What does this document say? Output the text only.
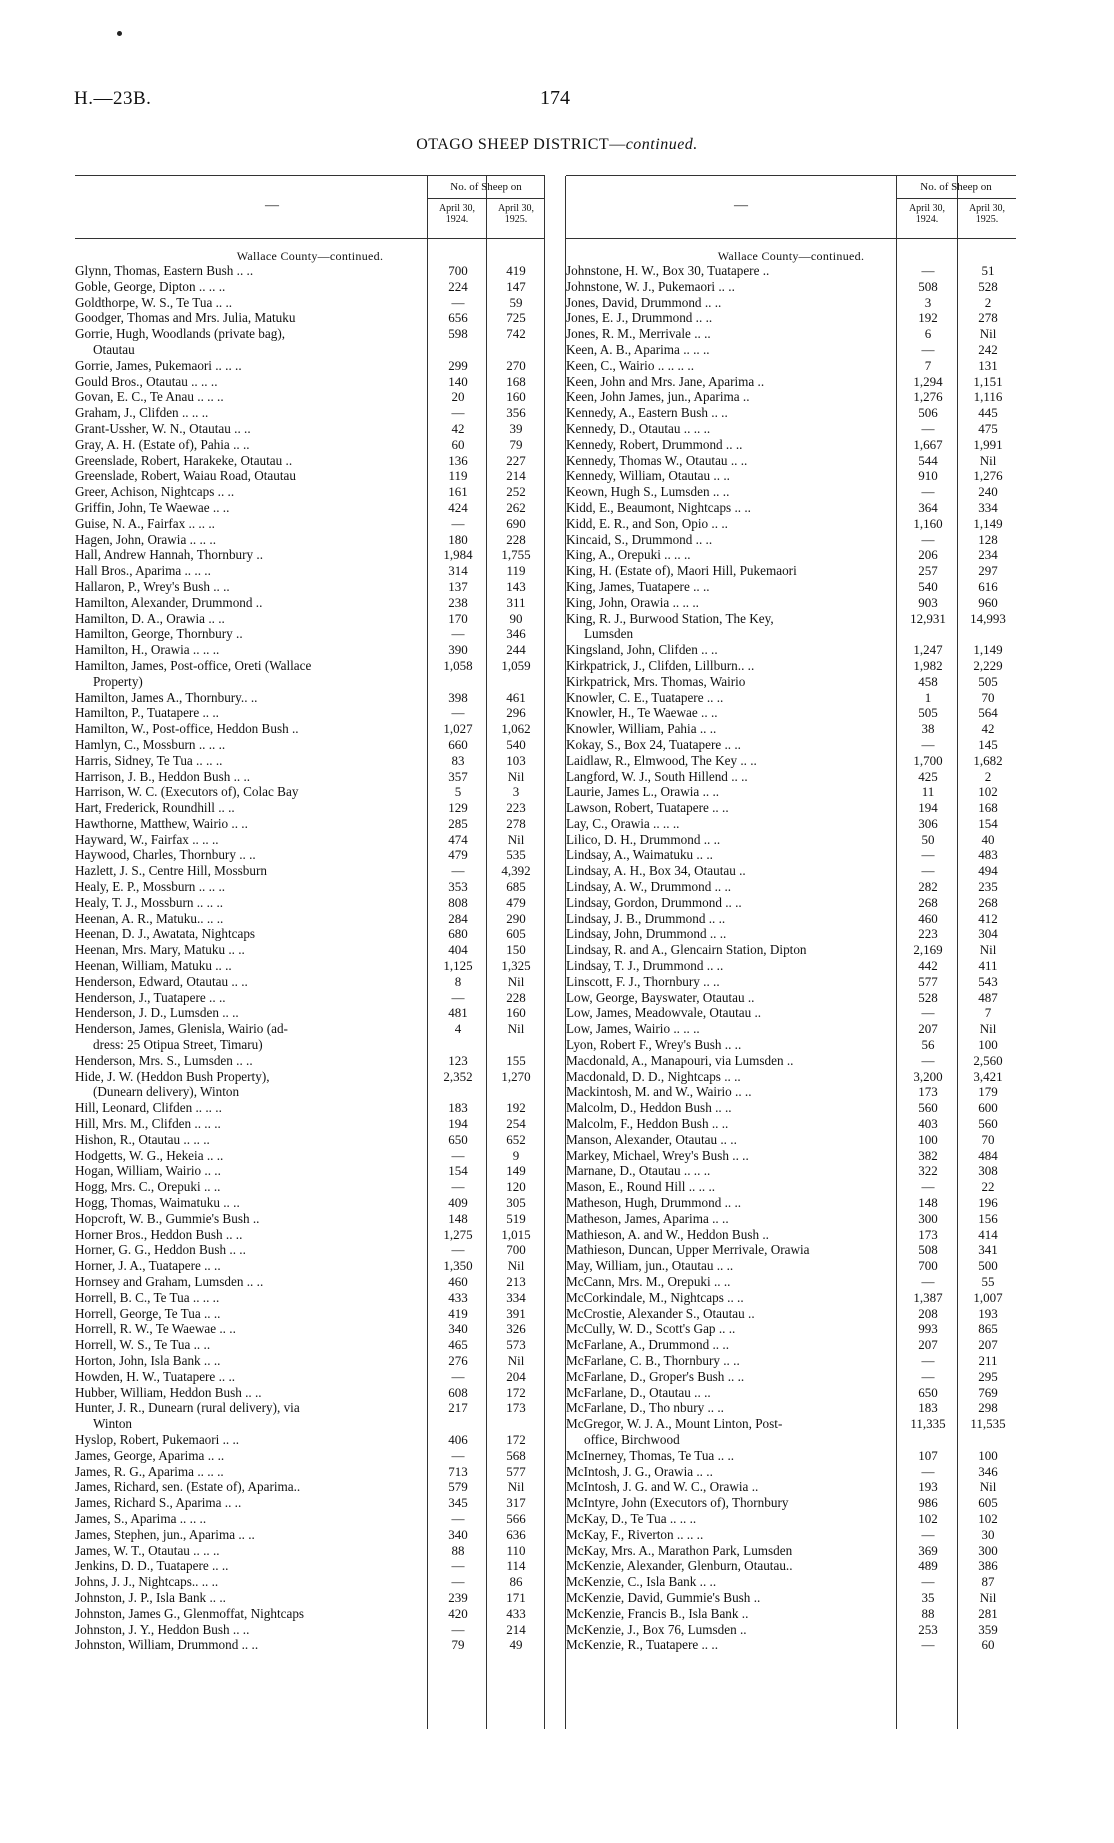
H.—23B.	174
OTAGO SHEEP DISTRICT—continued.
—
No. of Sheep on
April 30,
1924.
April 30,
1925.
Wallace County—continued.
Glynn, Thomas, Eastern Bush .. ..	700	419
Goble, George, Dipton .. .. ..	224	147
Goldthorpe, W. S., Te Tua .. ..	—	59
Goodger, Thomas and Mrs. Julia, Matuku	656	725
Gorrie, Hugh, Woodlands (private bag),	598	742
Otautau
Gorrie, James, Pukemaori .. .. ..	299	270
Gould Bros., Otautau .. .. ..	140	168
Govan, E. C., Te Anau .. .. ..	20	160
Graham, J., Clifden .. .. ..	—	356
Grant-Ussher, W. N., Otautau .. ..	42	39
Gray, A. H. (Estate of), Pahia .. ..	60	79
Greenslade, Robert, Harakeke, Otautau ..	136	227
Greenslade, Robert, Waiau Road, Otautau	119	214
Greer, Achison, Nightcaps .. ..	161	252
Griffin, John, Te Waewae .. ..	424	262
Guise, N. A., Fairfax .. .. ..	—	690
Hagen, John, Orawia .. .. ..	180	228
Hall, Andrew Hannah, Thornbury ..	1,984	1,755
Hall Bros., Aparima .. .. ..	314	119
Hallaron, P., Wrey's Bush .. ..	137	143
Hamilton, Alexander, Drummond ..	238	311
Hamilton, D. A., Orawia .. ..	170	90
Hamilton, George, Thornbury ..	—	346
Hamilton, H., Orawia .. .. ..	390	244
Hamilton, James, Post-office, Oreti (Wallace	1,058	1,059
Property)
Hamilton, James A., Thornbury.. ..	398	461
Hamilton, P., Tuatapere .. ..	—	296
Hamilton, W., Post-office, Heddon Bush ..	1,027	1,062
Hamlyn, C., Mossburn .. .. ..	660	540
Harris, Sidney, Te Tua .. .. ..	83	103
Harrison, J. B., Heddon Bush .. ..	357	Nil
Harrison, W. C. (Executors of), Colac Bay	5	3
Hart, Frederick, Roundhill .. ..	129	223
Hawthorne, Matthew, Wairio .. ..	285	278
Hayward, W., Fairfax .. .. ..	474	Nil
Haywood, Charles, Thornbury .. ..	479	535
Hazlett, J. S., Centre Hill, Mossburn	—	4,392
Healy, E. P., Mossburn .. .. ..	353	685
Healy, T. J., Mossburn .. .. ..	808	479
Heenan, A. R., Matuku.. .. ..	284	290
Heenan, D. J., Awatata, Nightcaps	680	605
Heenan, Mrs. Mary, Matuku .. ..	404	150
Heenan, William, Matuku .. ..	1,125	1,325
Henderson, Edward, Otautau .. ..	8	Nil
Henderson, J., Tuatapere .. ..	—	228
Henderson, J. D., Lumsden .. ..	481	160
Henderson, James, Glenisla, Wairio (ad-	4	Nil
dress: 25 Otipua Street, Timaru)
Henderson, Mrs. S., Lumsden .. ..	123	155
Hide, J. W. (Heddon Bush Property),	2,352	1,270
(Dunearn delivery), Winton
Hill, Leonard, Clifden .. .. ..	183	192
Hill, Mrs. M., Clifden .. .. ..	194	254
Hishon, R., Otautau .. .. ..	650	652
Hodgetts, W. G., Hekeia .. ..	—	9
Hogan, William, Wairio .. ..	154	149
Hogg, Mrs. C., Orepuki .. ..	—	120
Hogg, Thomas, Waimatuku .. ..	409	305
Hopcroft, W. B., Gummie's Bush ..	148	519
Horner Bros., Heddon Bush .. ..	1,275	1,015
Horner, G. G., Heddon Bush .. ..	—	700
Horner, J. A., Tuatapere .. ..	1,350	Nil
Hornsey and Graham, Lumsden .. ..	460	213
Horrell, B. C., Te Tua .. .. ..	433	334
Horrell, George, Te Tua .. ..	419	391
Horrell, R. W., Te Waewae .. ..	340	326
Horrell, W. S., Te Tua .. ..	465	573
Horton, John, Isla Bank .. ..	276	Nil
Howden, H. W., Tuatapere .. ..	—	204
Hubber, William, Heddon Bush .. ..	608	172
Hunter, J. R., Dunearn (rural delivery), via	217	173
Winton
Hyslop, Robert, Pukemaori .. ..	406	172
James, George, Aparima .. ..	—	568
James, R. G., Aparima .. .. ..	713	577
James, Richard, sen. (Estate of), Aparima..	579	Nil
James, Richard S., Aparima .. ..	345	317
James, S., Aparima .. .. ..	—	566
James, Stephen, jun., Aparima .. ..	340	636
James, W. T., Otautau .. .. ..	88	110
Jenkins, D. D., Tuatapere .. ..	—	114
Johns, J. J., Nightcaps.. .. ..	—	86
Johnston, J. P., Isla Bank .. ..	239	171
Johnston, James G., Glenmoffat, Nightcaps	420	433
Johnston, J. Y., Heddon Bush .. ..	—	214
Johnston, William, Drummond .. ..	79	49
—
No. of Sheep on
April 30,
1924.
April 30,
1925.
Wallace County—continued.
Johnstone, H. W., Box 30, Tuatapere ..	—	51
Johnstone, W. J., Pukemaori .. ..	508	528
Jones, David, Drummond .. ..	3	2
Jones, E. J., Drummond .. ..	192	278
Jones, R. M., Merrivale .. ..	6	Nil
Keen, A. B., Aparima .. .. ..	—	242
Keen, C., Wairio .. .. .. ..	7	131
Keen, John and Mrs. Jane, Aparima ..	1,294	1,151
Keen, John James, jun., Aparima ..	1,276	1,116
Kennedy, A., Eastern Bush .. ..	506	445
Kennedy, D., Otautau .. .. ..	—	475
Kennedy, Robert, Drummond .. ..	1,667	1,991
Kennedy, Thomas W., Otautau .. ..	544	Nil
Kennedy, William, Otautau .. ..	910	1,276
Keown, Hugh S., Lumsden .. ..	—	240
Kidd, E., Beaumont, Nightcaps .. ..	364	334
Kidd, E. R., and Son, Opio .. ..	1,160	1,149
Kincaid, S., Drummond .. ..	—	128
King, A., Orepuki .. .. ..	206	234
King, H. (Estate of), Maori Hill, Pukemaori	257	297
King, James, Tuatapere .. ..	540	616
King, John, Orawia .. .. ..	903	960
King, R. J., Burwood Station, The Key,	12,931	14,993
Lumsden
Kingsland, John, Clifden .. ..	1,247	1,149
Kirkpatrick, J., Clifden, Lillburn.. ..	1,982	2,229
Kirkpatrick, Mrs. Thomas, Wairio	458	505
Knowler, C. E., Tuatapere .. ..	1	70
Knowler, H., Te Waewae .. ..	505	564
Knowler, William, Pahia .. ..	38	42
Kokay, S., Box 24, Tuatapere .. ..	—	145
Laidlaw, R., Elmwood, The Key .. ..	1,700	1,682
Langford, W. J., South Hillend .. ..	425	2
Laurie, James L., Orawia .. ..	11	102
Lawson, Robert, Tuatapere .. ..	194	168
Lay, C., Orawia .. .. ..	306	154
Lilico, D. H., Drummond .. ..	50	40
Lindsay, A., Waimatuku .. ..	—	483
Lindsay, A. H., Box 34, Otautau ..	—	494
Lindsay, A. W., Drummond .. ..	282	235
Lindsay, Gordon, Drummond .. ..	268	268
Lindsay, J. B., Drummond .. ..	460	412
Lindsay, John, Drummond .. ..	223	304
Lindsay, R. and A., Glencairn Station, Dipton	2,169	Nil
Lindsay, T. J., Drummond .. ..	442	411
Linscott, F. J., Thornbury .. ..	577	543
Low, George, Bayswater, Otautau ..	528	487
Low, James, Meadowvale, Otautau ..	—	7
Low, James, Wairio .. .. ..	207	Nil
Lyon, Robert F., Wrey's Bush .. ..	56	100
Macdonald, A., Manapouri, via Lumsden ..	—	2,560
Macdonald, D. D., Nightcaps .. ..	3,200	3,421
Mackintosh, M. and W., Wairio .. ..	173	179
Malcolm, D., Heddon Bush .. ..	560	600
Malcolm, F., Heddon Bush .. ..	403	560
Manson, Alexander, Otautau .. ..	100	70
Markey, Michael, Wrey's Bush .. ..	382	484
Marnane, D., Otautau .. .. ..	322	308
Mason, E., Round Hill .. .. ..	—	22
Matheson, Hugh, Drummond .. ..	148	196
Matheson, James, Aparima .. ..	300	156
Mathieson, A. and W., Heddon Bush ..	173	414
Mathieson, Duncan, Upper Merrivale, Orawia	508	341
May, William, jun., Otautau .. ..	700	500
McCann, Mrs. M., Orepuki .. ..	—	55
McCorkindale, M., Nightcaps .. ..	1,387	1,007
McCrostie, Alexander S., Otautau ..	208	193
McCully, W. D., Scott's Gap .. ..	993	865
McFarlane, A., Drummond .. ..	207	207
McFarlane, C. B., Thornbury .. ..	—	211
McFarlane, D., Groper's Bush .. ..	—	295
McFarlane, D., Otautau .. ..	650	769
McFarlane, D., Tho nbury .. ..	183	298
McGregor, W. J. A., Mount Linton, Post-	11,335	11,535
office, Birchwood
McInerney, Thomas, Te Tua .. ..	107	100
McIntosh, J. G., Orawia .. ..	—	346
McIntosh, J. G. and W. C., Orawia ..	193	Nil
McIntyre, John (Executors of), Thornbury	986	605
McKay, D., Te Tua .. .. ..	102	102
McKay, F., Riverton .. .. ..	—	30
McKay, Mrs. A., Marathon Park, Lumsden	369	300
McKenzie, Alexander, Glenburn, Otautau..	489	386
McKenzie, C., Isla Bank .. ..	—	87
McKenzie, David, Gummie's Bush ..	35	Nil
McKenzie, Francis B., Isla Bank ..	88	281
McKenzie, J., Box 76, Lumsden ..	253	359
McKenzie, R., Tuatapere .. ..	—	60
